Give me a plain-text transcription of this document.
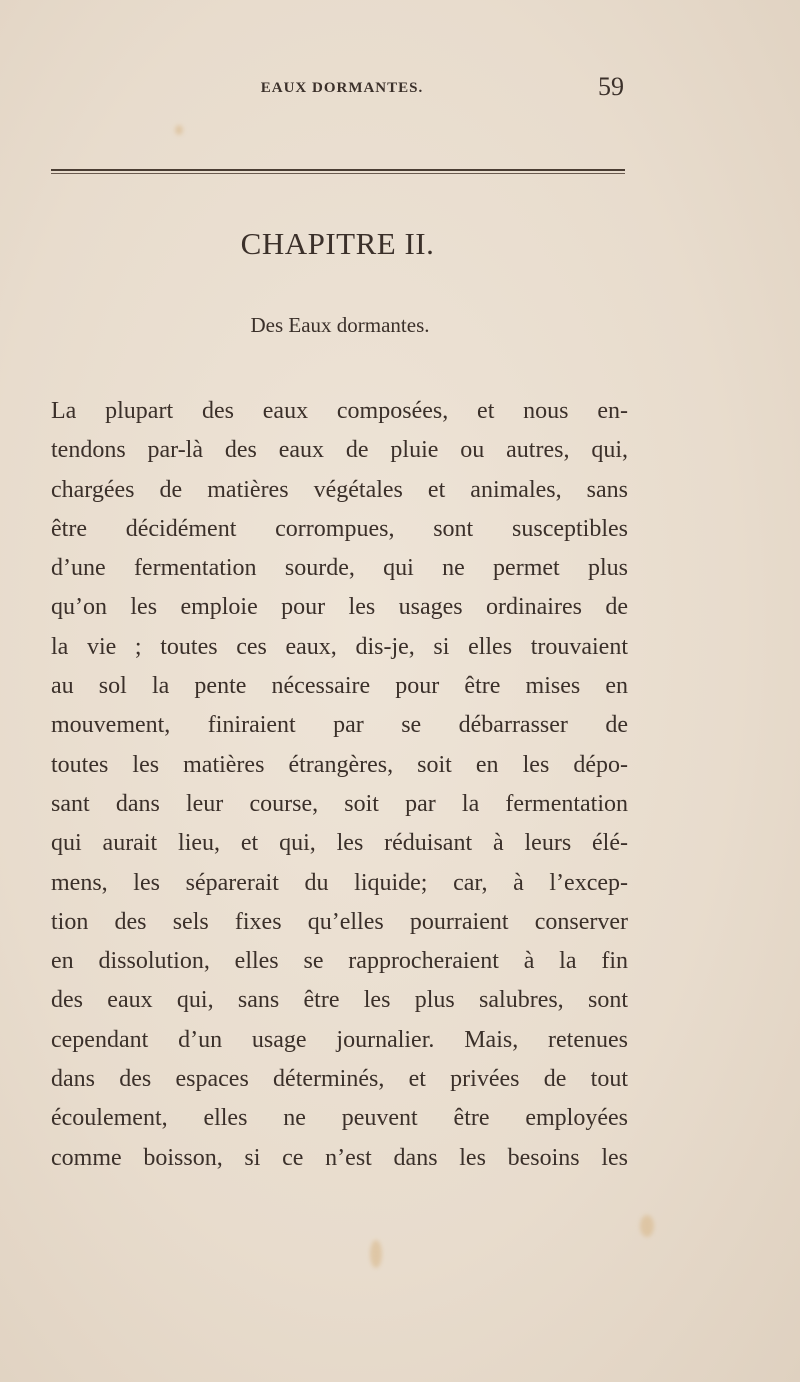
EAUX DORMANTES.	59
CHAPITRE II.
Des Eaux dormantes.
La plupart des eaux composées, et nous en-
tendons par-là des eaux de pluie ou autres, qui,
chargées de matières végétales et animales, sans
être décidément corrompues, sont susceptibles
d’une fermentation sourde, qui ne permet plus
qu’on les emploie pour les usages ordinaires de
la vie ; toutes ces eaux, dis-je, si elles trouvaient
au sol la pente nécessaire pour être mises en
mouvement, finiraient par se débarrasser de
toutes les matières étrangères, soit en les dépo-
sant dans leur course, soit par la fermentation
qui aurait lieu, et qui, les réduisant à leurs élé-
mens, les séparerait du liquide; car, à l’excep-
tion des sels fixes qu’elles pourraient conserver
en dissolution, elles se rapprocheraient à la fin
des eaux qui, sans être les plus salubres, sont
cependant d’un usage journalier. Mais, retenues
dans des espaces déterminés, et privées de tout
écoulement, elles ne peuvent être employées
comme boisson, si ce n’est dans les besoins les
